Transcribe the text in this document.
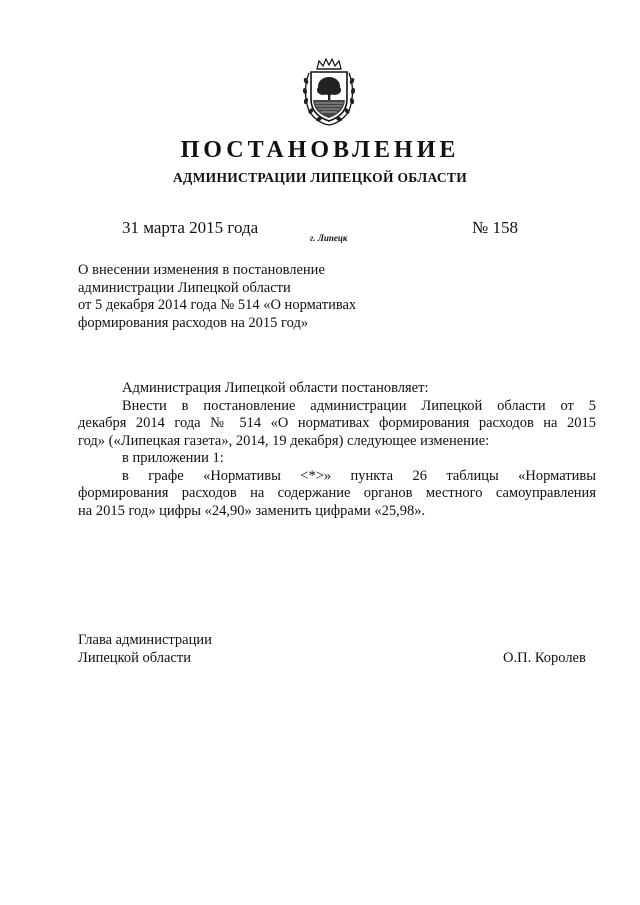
ПОСТАНОВЛЕНИЕ
АДМИНИСТРАЦИИ ЛИПЕЦКОЙ ОБЛАСТИ
31 марта 2015 года
г. Липецк
№ 158
О внесении изменения в постановление
администрации Липецкой области
от 5 декабря 2014 года № 514 «О нормативах
формирования расходов на 2015 год»
Администрация Липецкой области постановляет:
Внести в постановление администрации Липецкой области от 5
декабря 2014 года № 514 «О нормативах формирования расходов на 2015
год» («Липецкая газета», 2014, 19 декабря) следующее изменение:
в приложении 1:
в графе «Нормативы <*>» пункта 26 таблицы «Нормативы
формирования расходов на содержание органов местного самоуправления
на 2015 год» цифры «24,90» заменить цифрами «25,98».
Глава администрации
Липецкой области	О.П. Королев
